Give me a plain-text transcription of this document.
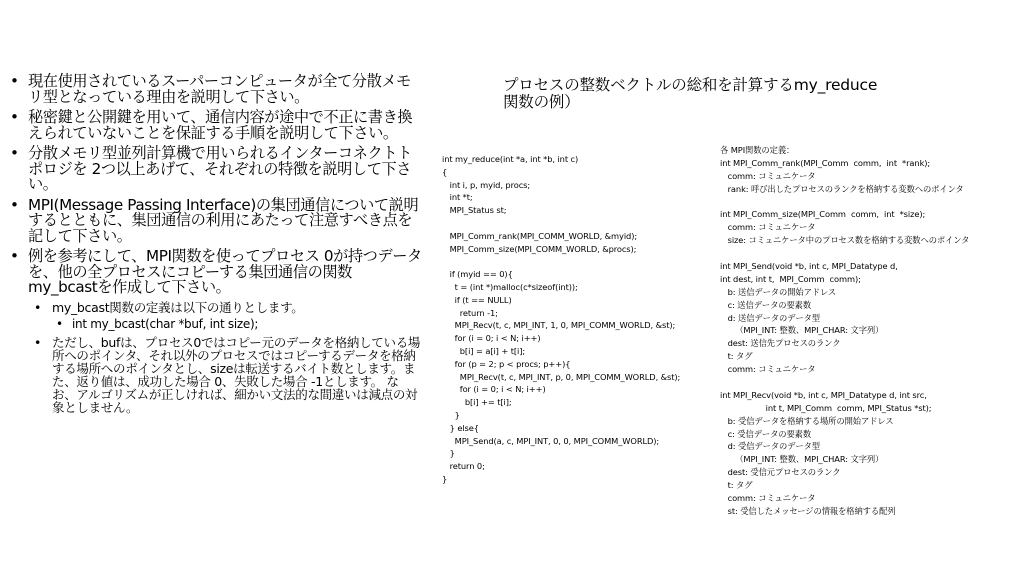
• 現在使用されているスーパーコンピュータが全て分散メモリ型となっている理由を説明して下さい。
• 秘密鍵と公開鍵を用いて、通信内容が途中で不正に書き換えられていないことを保証する手順を説明して下さい。
• 分散メモリ型並列計算機で用いられるインターコネクトトポロジを 2つ以上あげて、それぞれの特徴を説明して下さい。
• MPI(Message Passing Interface)の集団通信について説明するとともに、集団通信の利用にあたって注意すべき点を記して下さい。
• 例を参考にして、MPI関数を使ってプロセス 0が持つデータを、他の全プロセスにコピーする集団通信の関数 my_bcastを作成して下さい。
• my_bcast関数の定義は以下の通りとします。
• int my_bcast(char *buf, int size);
• ただし、bufは、プロセス0ではコピー元のデータを格納している場所へのポインタ、それ以外のプロセスではコピーするデータを格納する場所へのポインタとし、sizeは転送するバイト数とします。また、返り値は、成功した場合 0、失敗した場合 -1とします。 なお、アルゴリズムが正しければ、細かい文法的な間違いは減点の対象としません。
プロセスの整数ベクトルの総和を計算するmy_reduce関数の例）
int my_reduce(int *a, int *b, int c)
{
int i, p, myid, procs;
int *t;
MPI_Status st;
MPI_Comm_rank(MPI_COMM_WORLD, &myid);
MPI_Comm_size(MPI_COMM_WORLD, &procs);
if (myid == 0){
t = (int *)malloc(c*sizeof(int));
if (t == NULL)
return -1;
MPI_Recv(t, c, MPI_INT, 1, 0, MPI_COMM_WORLD, &st);
for (i = 0; i < N; i++)
b[i] = a[i] + t[i];
for (p = 2; p < procs; p++){
MPI_Recv(t, c, MPI_INT, p, 0, MPI_COMM_WORLD, &st);
for (i = 0; i < N; i++)
b[i] += t[i];
}
} else{
MPI_Send(a, c, MPI_INT, 0, 0, MPI_COMM_WORLD);
}
return 0;
}
各 MPI関数の定義：
int MPI_Comm_rank(MPI_Comm  comm,  int  *rank);
comm: コミュニケータ
rank: 呼び出したプロセスのランクを格納する変数へのポインタ
int MPI_Comm_size(MPI_Comm  comm,  int  *size);
comm: コミュニケータ
size: コミュニケータ中のプロセス数を格納する変数へのポインタ
int MPI_Send(void *b, int c, MPI_Datatype d,
int dest, int t,  MPI_Comm  comm);
b: 送信データの開始アドレス
c: 送信データの要素数
d: 送信データのデータ型
（MPI_INT: 整数、MPI_CHAR: 文字列）
dest: 送信先プロセスのランク
t: タグ
comm: コミュニケータ
int MPI_Recv(void *b, int c, MPI_Datatype d, int src,
int t, MPI_Comm  comm, MPI_Status *st);
b: 受信データを格納する場所の開始アドレス
c: 受信データの要素数
d: 受信データのデータ型
（MPI_INT: 整数、MPI_CHAR: 文字列）
dest: 受信元プロセスのランク
t: タグ
comm: コミュニケータ
st: 受信したメッセージの情報を格納する配列
